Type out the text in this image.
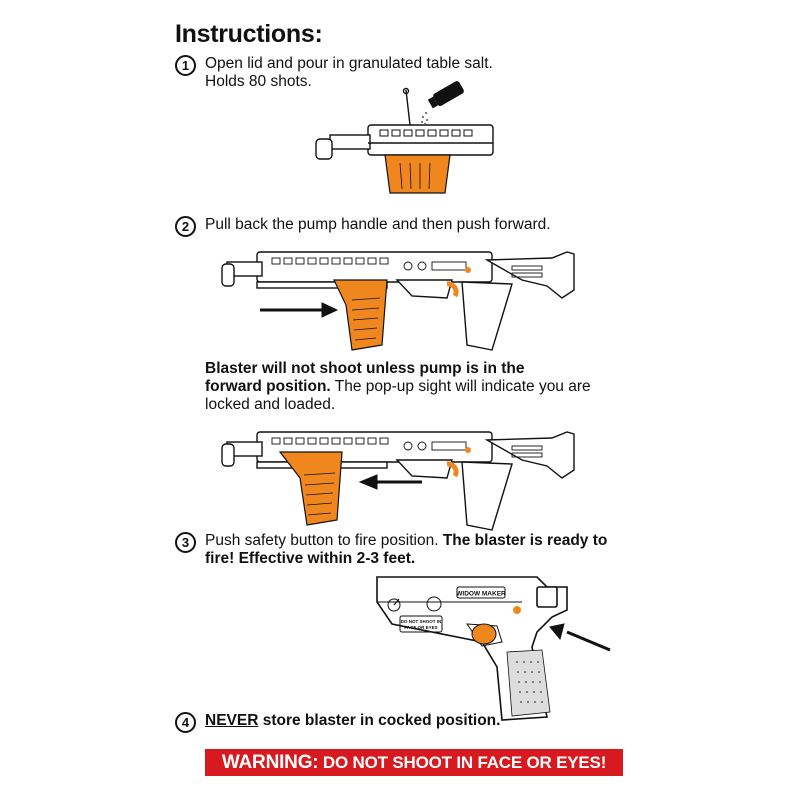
Instructions:
1	Open lid and pour in granulated table salt.
Holds 80 shots.
2	Pull back the pump handle and then push forward.
Blaster will not shoot unless pump is in the
forward position. The pop-up sight will indicate you are
locked and loaded.
3	Push safety button to fire position. The blaster is ready to
fire! Effective within 2-3 feet.
WIDOW MAKER
DO NOT SHOOT IN
FACE OR EYES
4	NEVER store blaster in cocked position.
WARNING: DO NOT SHOOT IN FACE OR EYES!
